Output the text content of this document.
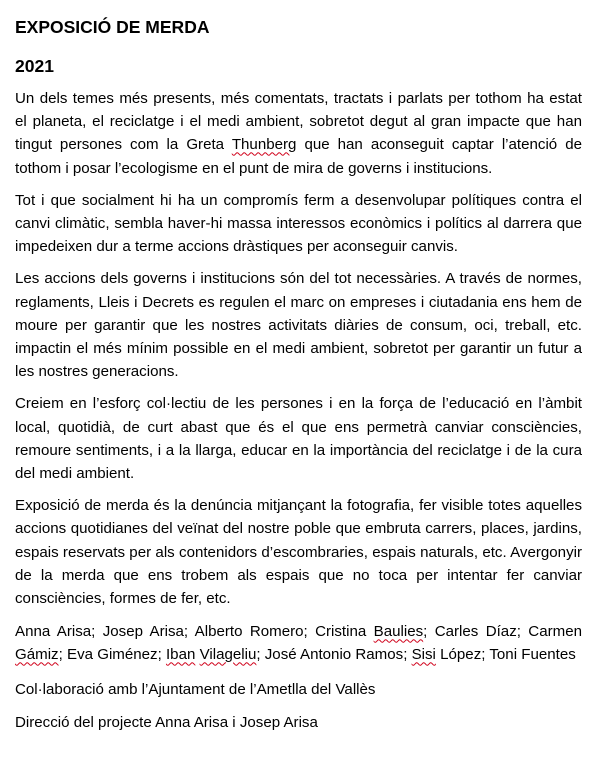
EXPOSICIÓ DE MERDA
2021

Un dels temes més presents, més comentats, tractats i parlats per tothom ha estat el planeta, el reciclatge i el medi ambient, sobretot degut al gran impacte que han tingut persones com la Greta Thunberg que han aconseguit captar l’atenció de tothom i posar l’ecologisme en el punt de mira de governs i institucions.

Tot i que socialment hi ha un compromís ferm a desenvolupar polítiques contra el canvi climàtic, sembla haver-hi massa interessos econòmics i polítics al darrera que impedeixen dur a terme accions dràstiques per aconseguir canvis.

Les accions dels governs i institucions són del tot necessàries. A través de normes, reglaments, Lleis i Decrets es regulen el marc on empreses i ciutadania ens hem de moure per garantir que les nostres activitats diàries de consum, oci, treball, etc. impactin el més mínim possible en el medi ambient, sobretot per garantir un futur a les nostres generacions.

Creiem en l’esforç col·lectiu de les persones i en la força de l’educació en l’àmbit local, quotidià, de curt abast que és el que ens permetrà canviar consciències, remoure sentiments, i a la llarga, educar en la importància del reciclatge i de la cura del medi ambient.

Exposició de merda és la denúncia mitjançant la fotografia, fer visible totes aquelles accions quotidianes del veïnat del nostre poble que embruta carrers, places, jardins, espais reservats per als contenidors d’escombraries, espais naturals, etc. Avergonyir de la merda que ens trobem als espais que no toca per intentar fer canviar consciències, formes de fer, etc.

Anna Arisa; Josep Arisa; Alberto Romero; Cristina Baulies; Carles Díaz; Carmen Gámiz; Eva Giménez; Iban Vilageliu; José Antonio Ramos; Sisi López; Toni Fuentes

Col·laboració amb l’Ajuntament de l’Ametlla del Vallès

Direcció del projecte Anna Arisa i Josep Arisa
